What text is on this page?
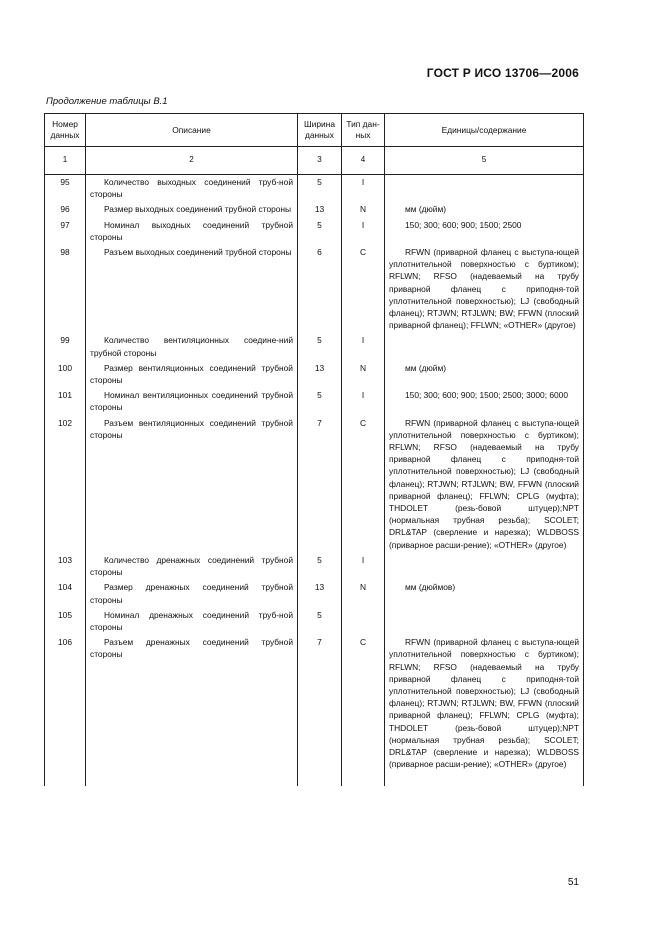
ГОСТ Р ИСО 13706—2006
Продолжение таблицы В.1
Номер данных	Описание	Ширина данных	Тип дан-ных	Единицы/содержание
1	2	3	4	5
95	Количество выходных соединений труб-ной стороны	5	I	

96	Размер выходных соединений трубной стороны	13	N	мм (дюйм)

97	Номинал выходных соединений трубной стороны	5	I	150; 300; 600; 900; 1500; 2500

98	Разъем выходных соединений трубной стороны	6	C	RFWN (приварной фланец с выступа-ющей уплотнительной поверхностью с буртиком); RFLWN; RFSO (надеваемый на трубу приварной фланец с приподня-той уплотнительной поверхностью); LJ (свободный фланец); RTJWN; RTJLWN; BW; FFWN (плоский приварной фланец); FFLWN; «OTHER» (другое)

99	Количество вентиляционных соедине-ний трубной стороны	5	I	

100	Размер вентиляционных соединений трубной стороны	13	N	мм (дюйм)

101	Номинал вентиляционных соединений трубной стороны	5	I	150; 300; 600; 900; 1500; 2500; 3000; 6000

102	Разъем вентиляционных соединений трубной стороны	7	C	RFWN (приварной фланец с выступа-ющей уплотнительной поверхностью с буртиком); RFLWN; RFSO (надеваемый на трубу приварной фланец с приподня-той уплотнительной поверхностью); LJ (свободный фланец); RTJWN; RTJLWN; BW, FFWN (плоский приварной фланец); FFLWN; CPLG (муфта); THDOLET (резь-бовой штуцер);NPT (нормальная трубная резьба); SCOLET; DRL&TAP (сверление и нарезка); WLDBOSS (приварное расши-рение); «OTHER» (другое)

103	Количество дренажных соединений трубной стороны	5	I	

104	Размер дренажных соединений трубной стороны	13	N	мм (дюймов)

105	Номинал дренажных соединений труб-ной стороны	5		

106	Разъем дренажных соединений трубной стороны	7	C	RFWN (приварной фланец с выступа-ющей уплотнительной поверхностью с буртиком); RFLWN; RFSO (надеваемый на трубу приварной фланец с приподня-той уплотнительной поверхностью); LJ (свободный фланец); RTJWN; RTJLWN; BW, FFWN (плоский приварной фланец); FFLWN; CPLG (муфта); THDOLET (резь-бовой штуцер);NPT (нормальная трубная резьба); SCOLET; DRL&TAP (сверление и нарезка); WLDBOSS (приварное расши-рение); «OTHER» (другое)

51
